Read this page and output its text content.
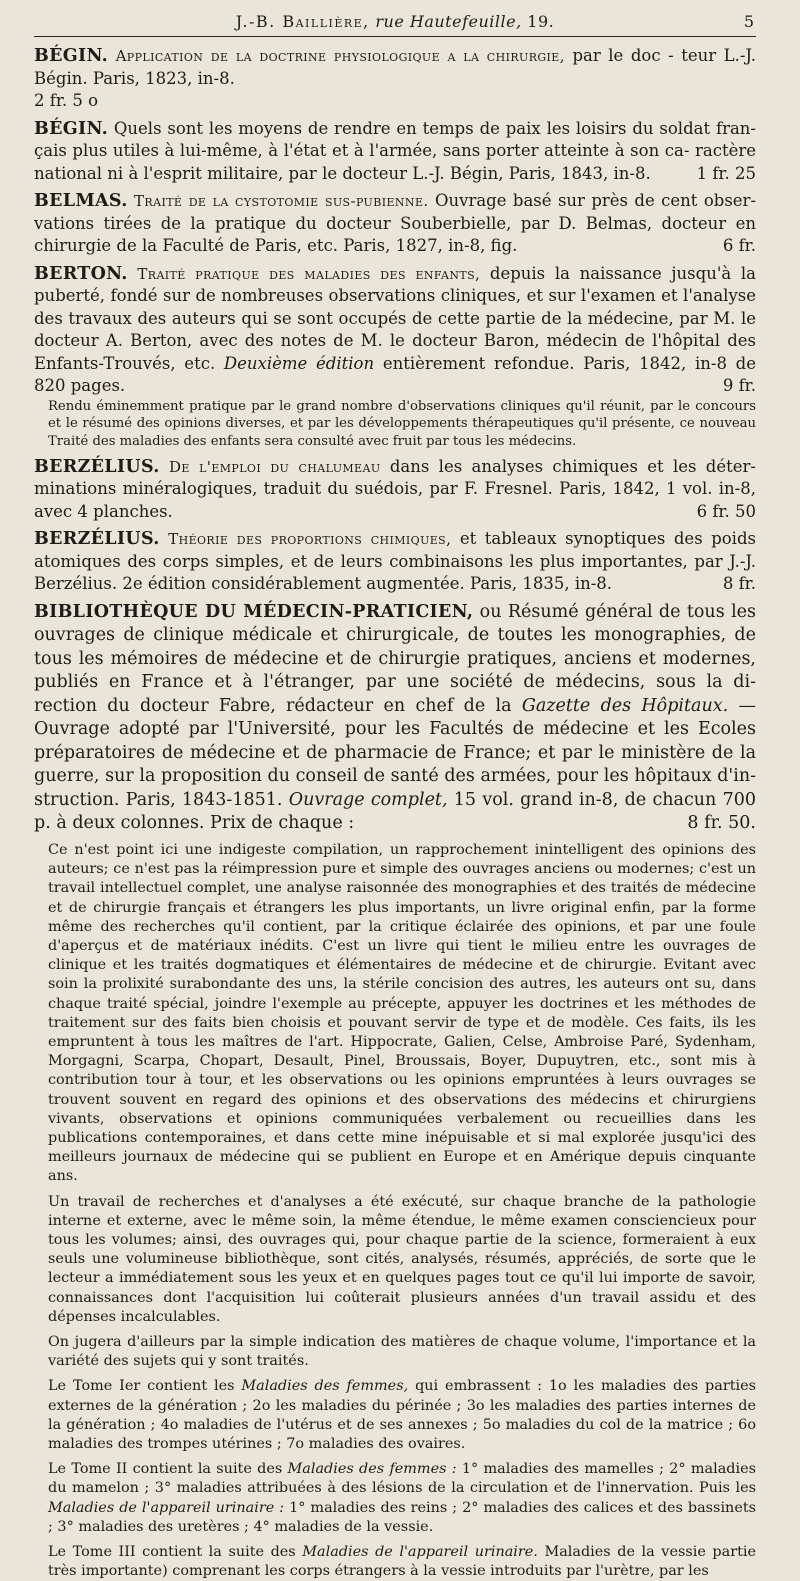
J.-B. Baillière, rue Hautefeuille, 19.	5

BÉGIN. Application de la doctrine physiologique a la chirurgie, par le doc - teur L.-J. Bégin. Paris, 1823, in-8.

2 fr. 5 o

BÉGIN. Quels sont les moyens de rendre en temps de paix les loisirs du soldat fran- çais plus utiles à lui-même, à l'état et à l'armée, sans porter atteinte à son ca- ractère national ni à l'esprit militaire, par le docteur L.-J. Bégin, Paris, 1843, in-8.	1 fr. 25

BELMAS. Traité de la cystotomie sus-pubienne. Ouvrage basé sur près de cent obser- vations tirées de la pratique du docteur Souberbielle, par D. Belmas, docteur en chirurgie de la Faculté de Paris, etc. Paris, 1827, in-8, fig.	6 fr.

BERTON. Traité pratique des maladies des enfants, depuis la naissance jusqu'à la puberté, fondé sur de nombreuses observations cliniques, et sur l'examen et l'analyse des travaux des auteurs qui se sont occupés de cette partie de la médecine, par M. le docteur A. Berton, avec des notes de M. le docteur Baron, médecin de l'hôpital des Enfants-Trouvés, etc. Deuxième édition entièrement refondue. Paris, 1842, in-8 de 820 pages.	9 fr.

Rendu éminemment pratique par le grand nombre d'observations cliniques qu'il réunit, par le concours et le résumé des opinions diverses, et par les développements thérapeutiques qu'il présente, ce nouveau Traité des maladies des enfants sera consulté avec fruit par tous les médecins.

BERZÉLIUS. De l'emploi du chalumeau dans les analyses chimiques et les déter- minations minéralogiques, traduit du suédois, par F. Fresnel. Paris, 1842, 1 vol. in-8, avec 4 planches.	6 fr. 50

BERZÉLIUS. Théorie des proportions chimiques, et tableaux synoptiques des poids atomiques des corps simples, et de leurs combinaisons les plus importantes, par J.-J. Berzélius. 2e édition considérablement augmentée. Paris, 1835, in-8.	8 fr.

BIBLIOTHÈQUE DU MÉDECIN-PRATICIEN, ou Résumé général de tous les ouvrages de clinique médicale et chirurgicale, de toutes les monographies, de tous les mémoires de médecine et de chirurgie pratiques, anciens et modernes, publiés en France et à l'étranger, par une société de médecins, sous la di- rection du docteur Fabre, rédacteur en chef de la Gazette des Hôpitaux. — Ouvrage adopté par l'Université, pour les Facultés de médecine et les Ecoles préparatoires de médecine et de pharmacie de France; et par le ministère de la guerre, sur la proposition du conseil de santé des armées, pour les hôpitaux d'in- struction. Paris, 1843-1851. Ouvrage complet, 15 vol. grand in-8, de chacun 700 p. à deux colonnes. Prix de chaque :	8 fr. 50.

Ce n'est point ici une indigeste compilation, un rapprochement inintelligent des opinions des auteurs; ce n'est pas la réimpression pure et simple des ouvrages anciens ou modernes; c'est un travail intellectuel complet, une analyse raisonnée des monographies et des traités de médecine et de chirurgie français et étrangers les plus importants, un livre original enfin, par la forme même des recherches qu'il contient, par la critique éclairée des opinions, et par une foule d'aperçus et de matériaux inédits. C'est un livre qui tient le milieu entre les ouvrages de clinique et les traités dogmatiques et élémentaires de médecine et de chirurgie. Evitant avec soin la prolixité surabondante des uns, la stérile concision des autres, les auteurs ont su, dans chaque traité spécial, joindre l'exemple au précepte, appuyer les doctrines et les méthodes de traitement sur des faits bien choisis et pouvant servir de type et de modèle. Ces faits, ils les empruntent à tous les maîtres de l'art. Hippocrate, Galien, Celse, Ambroise Paré, Sydenham, Morgagni, Scarpa, Chopart, Desault, Pinel, Broussais, Boyer, Dupuytren, etc., sont mis à contribution tour à tour, et les observations ou les opinions empruntées à leurs ouvrages se trouvent souvent en regard des opinions et des observations des médecins et chirurgiens vivants, observations et opinions communiquées verbalement ou recueillies dans les publications contemporaines, et dans cette mine inépuisable et si mal explorée jusqu'ici des meilleurs journaux de médecine qui se publient en Europe et en Amérique depuis cinquante ans.
Un travail de recherches et d'analyses a été exécuté, sur chaque branche de la pathologie interne et externe, avec le même soin, la même étendue, le même examen consciencieux pour tous les volumes; ainsi, des ouvrages qui, pour chaque partie de la science, formeraient à eux seuls une volumineuse bibliothèque, sont cités, analysés, résumés, appréciés, de sorte que le lecteur a immédiatement sous les yeux et en quelques pages tout ce qu'il lui importe de savoir, connaissances dont l'acquisition lui coûterait plusieurs années d'un travail assidu et des dépenses incalculables.
On jugera d'ailleurs par la simple indication des matières de chaque volume, l'importance et la variété des sujets qui y sont traités.
Le Tome Ier contient les Maladies des femmes, qui embrassent : 1o les maladies des parties externes de la génération ; 2o les maladies du périnée ; 3o les maladies des parties internes de la génération ; 4o maladies de l'utérus et de ses annexes ; 5o maladies du col de la matrice ; 6o maladies des trompes utérines ; 7o maladies des ovaires.
Le Tome II contient la suite des Maladies des femmes : 1° maladies des mamelles ; 2° maladies du mamelon ; 3° maladies attribuées à des lésions de la circulation et de l'innervation. Puis les Maladies de l'appareil urinaire : 1° maladies des reins ; 2° maladies des calices et des bassinets ; 3° maladies des uretères ; 4° maladies de la vessie.
Le Tome III contient la suite des Maladies de l'appareil urinaire. Maladies de la vessie partie très importante) comprenant les corps étrangers à la vessie introduits par l'urètre, par les
